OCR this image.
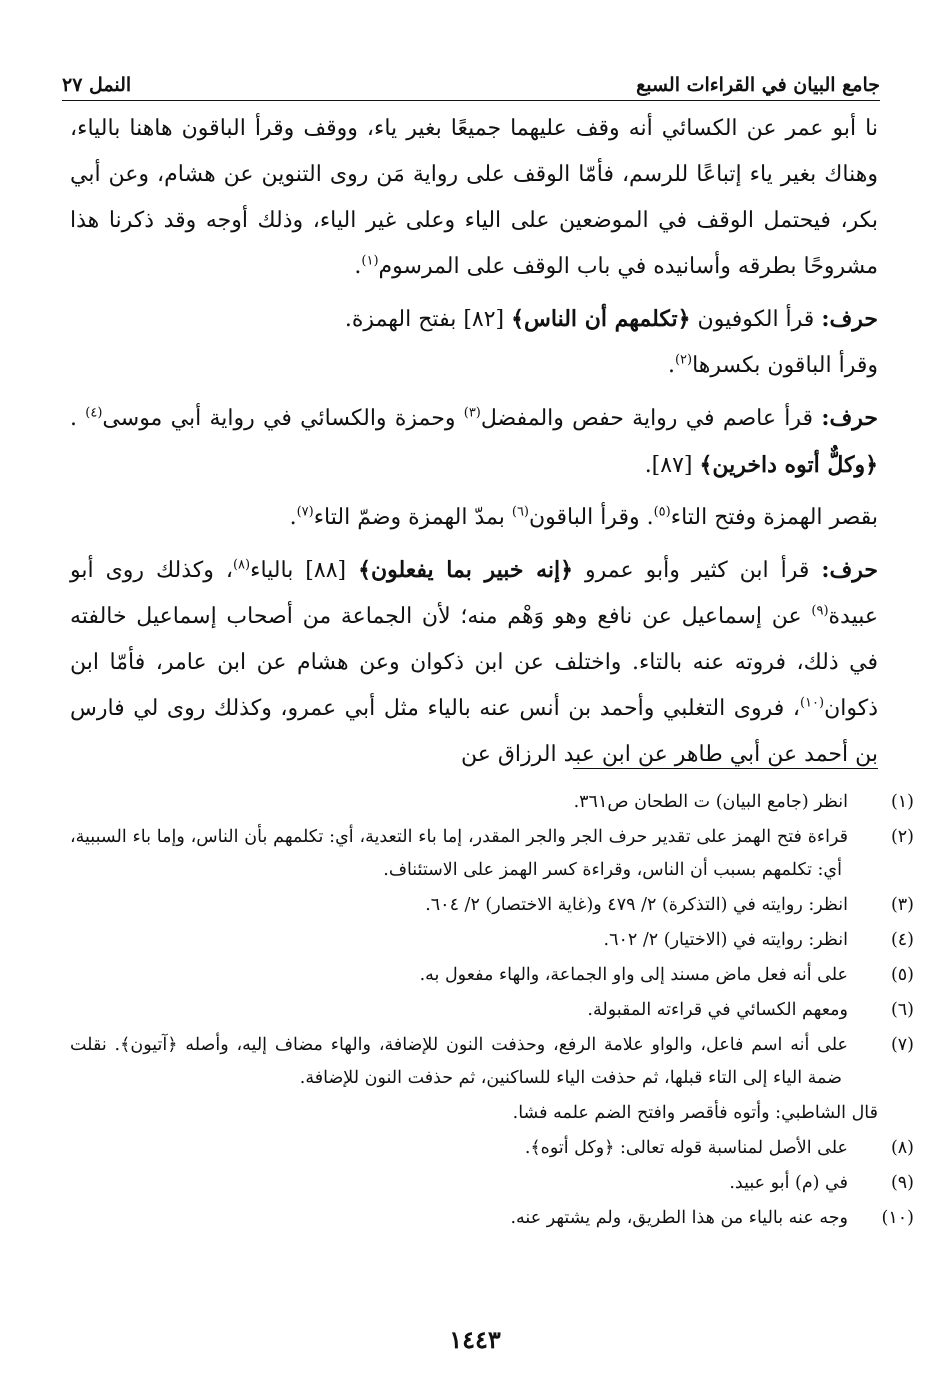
جامع البيان في القراءات السبع
النمل ٢٧

نا أبو عمر عن الكسائي أنه وقف عليهما جميعًا بغير ياء، ووقف وقرأ الباقون هاهنا بالياء، وهناك بغير ياء إتباعًا للرسم، فأمّا الوقف على رواية مَن روى التنوين عن هشام، وعن أبي بكر، فيحتمل الوقف في الموضعين على الياء وعلى غير الياء، وذلك أوجه وقد ذكرنا هذا مشروحًا بطرقه وأسانيده في باب الوقف على المرسوم$^{(١)}$.

حرف: قرأ الكوفيون ﴿تكلمهم أن الناس﴾ [٨٢] بفتح الهمزة.

وقرأ الباقون بكسرها$^{(٢)}$.

حرف: قرأ عاصم في رواية حفص والمفضل$^{(٣)}$ وحمزة والكسائي في رواية أبي موسى$^{(٤)}$ .﴿وكلٌّ أتوه داخرين﴾ [٨٧].

بقصر الهمزة وفتح التاء$^{(٥)}$. وقرأ الباقون$^{(٦)}$ بمدّ الهمزة وضمّ التاء$^{(٧)}$.

حرف: قرأ ابن كثير وأبو عمرو ﴿إنه خبير بما يفعلون﴾ [٨٨] بالياء$^{(٨)}$، وكذلك روى أبو عبيدة$^{(٩)}$ عن إسماعيل عن نافع وهو وَهْم منه؛ لأن الجماعة من أصحاب إسماعيل خالفته في ذلك، فروته عنه بالتاء. واختلف عن ابن ذكوان وعن هشام عن ابن عامر، فأمّا ابن ذكوان$^{(١٠)}$، فروى التغلبي وأحمد بن أنس عنه بالياء مثل أبي عمرو، وكذلك روى لي فارس بن أحمد عن أبي طاهر عن ابن عبد الرزاق عن

(١)انظر (جامع البيان) ت الطحان ص٣٦١.

(٢)قراءة فتح الهمز على تقدير حرف الجر والجر المقدر، إما باء التعدية، أي: تكلمهم بأن الناس، وإما باء السببية، أي: تكلمهم بسبب أن الناس، وقراءة كسر الهمز على الاستئناف.

(٣)انظر: روايته في (التذكرة) ٢/ ٤٧٩ و(غاية الاختصار) ٢/ ٦٠٤.

(٤)انظر: روايته في (الاختيار) ٢/ ٦٠٢.

(٥)على أنه فعل ماض مسند إلى واو الجماعة، والهاء مفعول به.

(٦)ومعهم الكسائي في قراءته المقبولة.

(٧)على أنه اسم فاعل، والواو علامة الرفع، وحذفت النون للإضافة، والهاء مضاف إليه، وأصله ﴿آتيون﴾. نقلت ضمة الياء إلى التاء قبلها، ثم حذفت الياء للساكنين، ثم حذفت النون للإضافة.

قال الشاطبي: وأتوه فأقصر وافتح الضم علمه فشا.

(٨)على الأصل لمناسبة قوله تعالى: ﴿وكل أتوه﴾.

(٩)في (م) أبو عبيد.

(١٠)وجه عنه بالياء من هذا الطريق، ولم يشتهر عنه.

١٤٤٣
